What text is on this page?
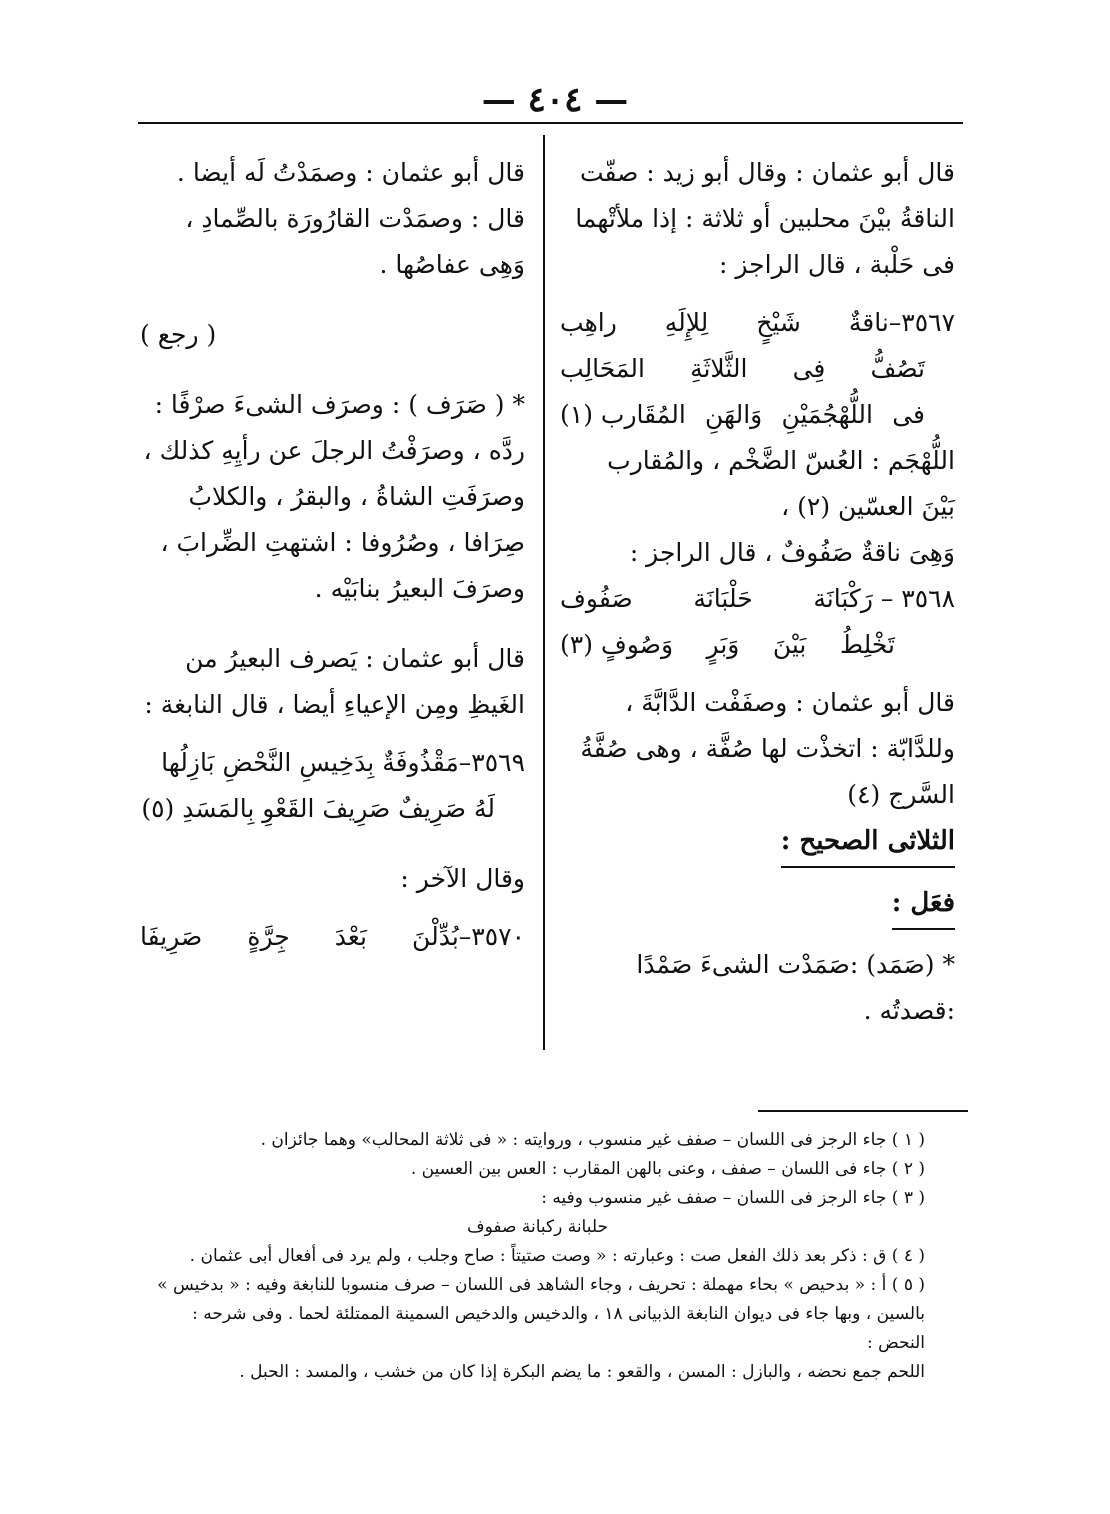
— ٤٠٤ —

قال أبو عثمان : وقال أبو زيد : صفّت

الناقةُ بيْنَ محلبين أو ثلاثة : إذا ملأتْهما

فى حَلْبة ، قال الراجز :

٣٥٦٧–ناقةٌ
شَيْخٍ
لِلإِلَهِ
راهِب
تَصُفُّ
فِى
الثَّلاثَةِ
المَحَالِب
فى
اللُّهْجُمَيْنِ
وَالهَنِ
المُقَارب (١)

اللُّهْجَم : العُسّ الضَّخْم ، والمُقارب

بَيْنَ العسّين (٢) ،

وَهِىَ ناقةٌ صَفُوفٌ ، قال الراجز :

٣٥٦٨ – رَكْبَانَة
حَلْبَانَة
صَفُوف
تَخْلِطُ
بَيْنَ
وَبَرٍ
وَصُوفٍ (٣)

قال أبو عثمان : وصفَفْت الدَّابَّةَ ،

وللدَّابّة : اتخذْت لها صُفَّة ، وهى صُفَّةُ

السَّرج (٤)

الثلاثى الصحيح :

فعَل :

* (صَمَد) :صَمَدْت الشىءَ صَمْدًا :قصدتُه .

قال أبو عثمان : وصمَدْتُ لَه أيضا .

قال : وصمَدْت القارُورَة بالصِّمادِ ،

وَهِى عفاصُها .

( رجع )

* ( صَرَف ) : وصرَف الشىءَ صرْفًا :

ردَّه ، وصرَفْتُ الرجلَ عن رأيِهِ كذلك ،

وصرَفَتِ الشاةُ ، والبقرُ ، والكلابُ

صِرَافا ، وصُرُوفا : اشتهتِ الضِّرابَ ،

وصرَفَ البعيرُ بنابَيْه .

قال أبو عثمان : يَصرف البعيرُ من

الغَيظِ ومِن الإعياءِ أيضا ، قال النابغة :

٣٥٦٩–مَقْذُوفَةٌ بِدَخِيسِ النَّحْضِ بَازِلُها

لَهُ صَرِيفٌ صَرِيفَ القَعْوِ بِالمَسَدِ (٥)

وقال الآخر :

٣٥٧٠–بُدِّلْنَ
بَعْدَ
جِرَّةٍ
صَرِيفَا

( ١ ) جاء الرجز فى اللسان – صفف غير منسوب ، وروايته : « فى ثلاثة المحالب» وهما جائزان .

( ٢ ) جاء فى اللسان – صفف ، وعنى بالهن المقارب : العس بين العسين .

( ٣ ) جاء الرجز فى اللسان – صفف غير منسوب وفيه :

حلبانة ركبانة صفوف

( ٤ ) ق : ذكر بعد ذلك الفعل صت : وعبارته : « وصت صتيتاً : صاح وجلب ، ولم يرد فى أفعال أبى عثمان .

( ٥ ) أ : « بدحيص » بحاء مهملة : تحريف ، وجاء الشاهد فى اللسان – صرف منسوبا للنابغة وفيه : « بدخيس »

بالسين ، وبها جاء فى ديوان النابغة الذبيانى ١٨ ، والدخيس والدخيص السمينة الممتلئة لحما . وفى شرحه : النحض :

اللحم جمع نحضه ، والبازل : المسن ، والقعو : ما يضم البكرة إذا كان من خشب ، والمسد : الحبل .
